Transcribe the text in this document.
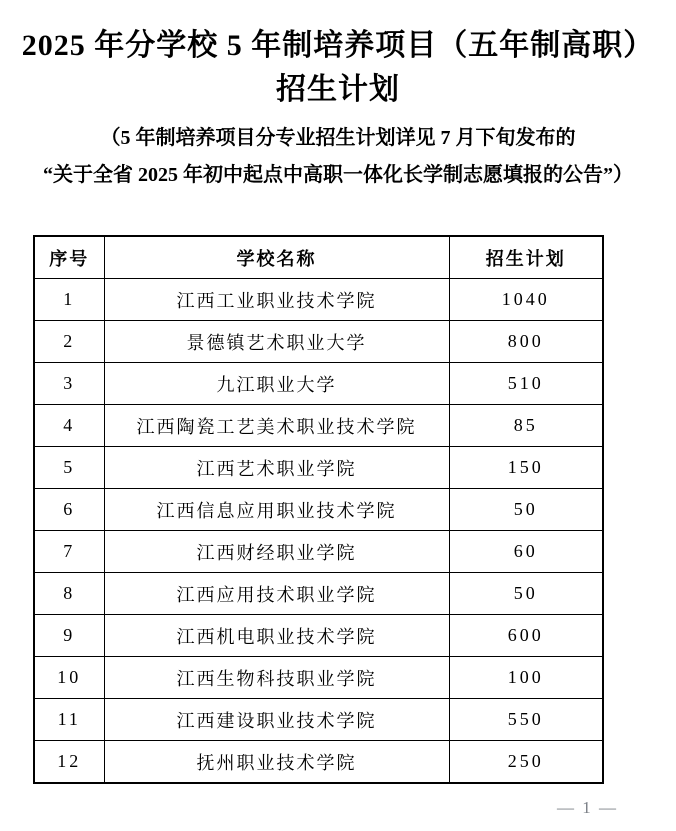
2025 年分学校 5 年制培养项目（五年制高职）
招生计划
（5 年制培养项目分专业招生计划详见 7 月下旬发布的
“关于全省 2025 年初中起点中高职一体化长学制志愿填报的公告”）
序号	学校名称	招生计划
1	江西工业职业技术学院	1040
2	景德镇艺术职业大学	800
3	九江职业大学	510
4	江西陶瓷工艺美术职业技术学院	85
5	江西艺术职业学院	150
6	江西信息应用职业技术学院	50
7	江西财经职业学院	60
8	江西应用技术职业学院	50
9	江西机电职业技术学院	600
10	江西生物科技职业学院	100
11	江西建设职业技术学院	550
12	抚州职业技术学院	250
— 1 —
